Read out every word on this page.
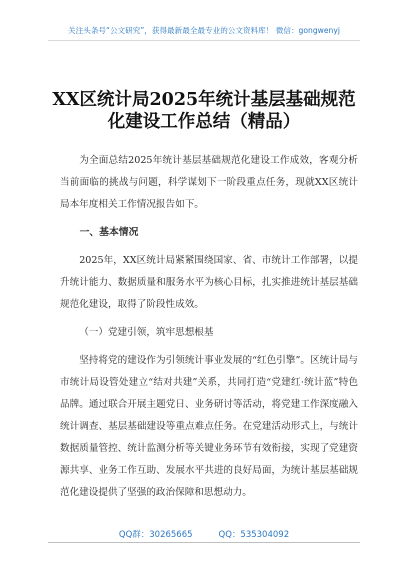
关注头条号“公文研究”，获得最新最全最专业的公文资料库！ 微信：gongwenyj
XX区统计局2025年统计基层基础规范
化建设工作总结（精品）

为全面总结2025年统计基层基础规范化建设工作成效，客观分析当前面临的挑战与问题，科学谋划下一阶段重点任务，现就XX区统计局本年度相关工作情况报告如下。

一、基本情况

2025年，XX区统计局紧紧围绕国家、省、市统计工作部署，以提升统计能力、数据质量和服务水平为核心目标，扎实推进统计基层基础规范化建设，取得了阶段性成效。

（一）党建引领，筑牢思想根基

坚持将党的建设作为引领统计事业发展的“红色引擎”。区统计局与市统计局设管处建立“结对共建”关系，共同打造“党建红·统计蓝”特色品牌。通过联合开展主题党日、业务研讨等活动，将党建工作深度融入统计调查、基层基础建设等重点难点任务。在党建活动形式上，与统计数据质量管控、统计监测分析等关键业务环节有效衔接，实现了党建资源共享、业务工作互助、发展水平共进的良好局面，为统计基层基础规范化建设提供了坚强的政治保障和思想动力。

QQ群：30265665	QQ：535304092
